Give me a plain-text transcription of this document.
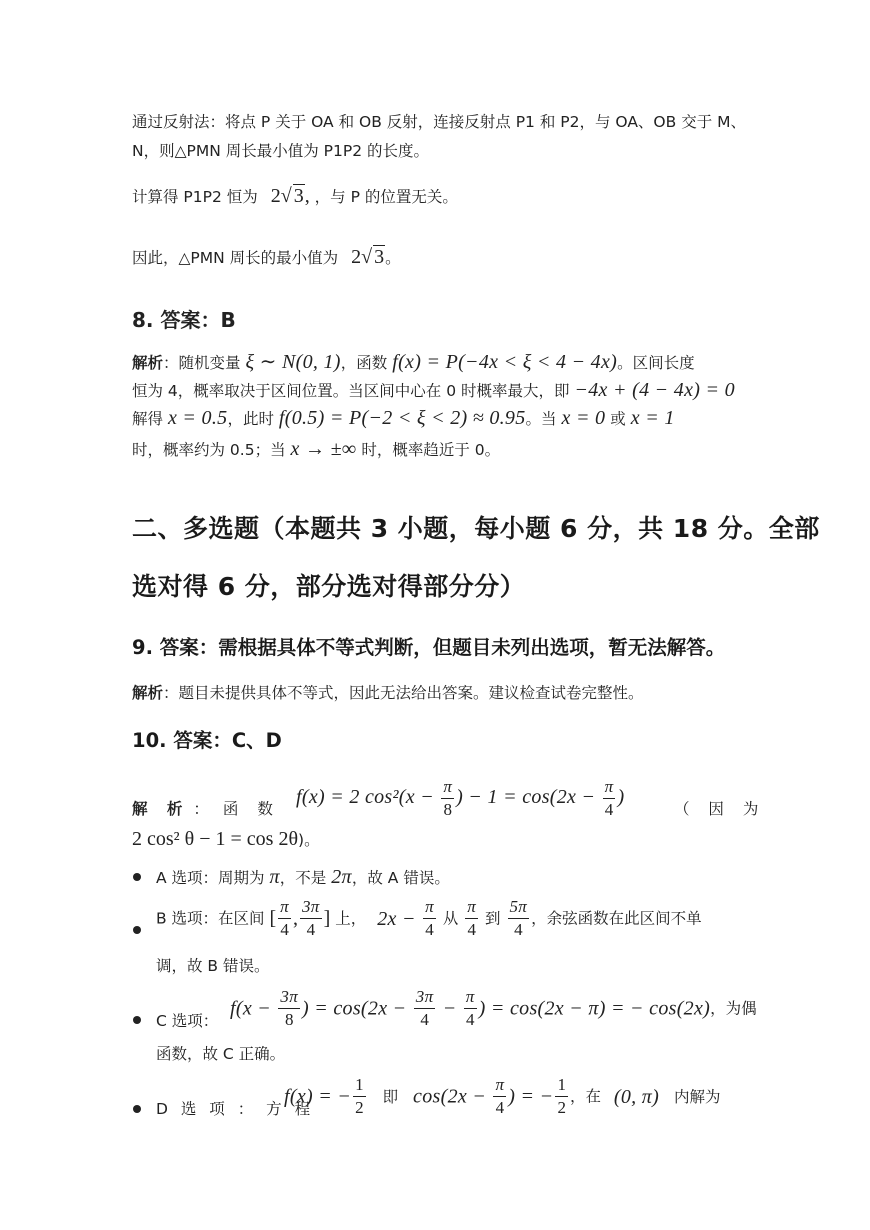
通过反射法：将点 P 关于 OA 和 OB 反射，连接反射点 P1 和 P2，与 OA、OB 交于 M、
N，则△PMN 周长最小值为 P1P2 的长度。
计算得 P1P2 恒为 2√ 3, ，与 P 的位置无关。
因此，△PMN 周长的最小值为 2√ 3。
8. 答案：B
解析：随机变量 ξ ∼ N(0, 1)，函数 f(x) = P(−4x < ξ < 4 − 4x)。区间长度
恒为 4，概率取决于区间位置。当区间中心在 0 时概率最大，即 −4x + (4 − 4x) = 0
解得 x = 0.5，此时 f(0.5) = P(−2 < ξ < 2) ≈ 0.95。当 x = 0 或 x = 1
时，概率约为 0.5；当 x → ±∞ 时，概率趋近于 0。
二、多选题（本题共 3 小题，每小题 6 分，共 18 分。全部
选对得 6 分，部分选对得部分分）
9. 答案：需根据具体不等式判断，但题目未列出选项，暂无法解答。
解析：题目未提供具体不等式，因此无法给出答案。建议检查试卷完整性。
10. 答案：C、D
f(x) = 2 $\cos^2(x - \frac{\pi}{8}$ ) − $1 = \cos(2x - \frac{\pi}{4}$ )
解 析 ： 函 数	（ 因 为
2 cos² θ − 1 = cos 2θ)。
A 选项：周期为 π，不是 2π，故 A 错误。
B 选项：在区间 [ $\frac{\pi}{4}$ , $\frac{3\pi}{4}$ ] 上， $2x - \frac{\pi}{4}$ 从 $\frac{\pi}{4}$ 到 $\frac{5\pi}{4}$ ，余弦函数在此区间不单
调，故 B 错误。
C 选项：
$f(x - \frac{3\pi}{8}$ ) = $\cos(2x - \frac{3\pi}{4} - \frac{\pi}{4}$ ) = cos(2x − π) = − cos(2x)，为偶
函数，故 C 正确。
D 选 项 ： 方 程
f(x) = − $\frac{1}{2}$ 即 $\cos(2x - \frac{\pi}{4}$ ) = − $\frac{1}{2}$ ，在 (0, π) 内解为
